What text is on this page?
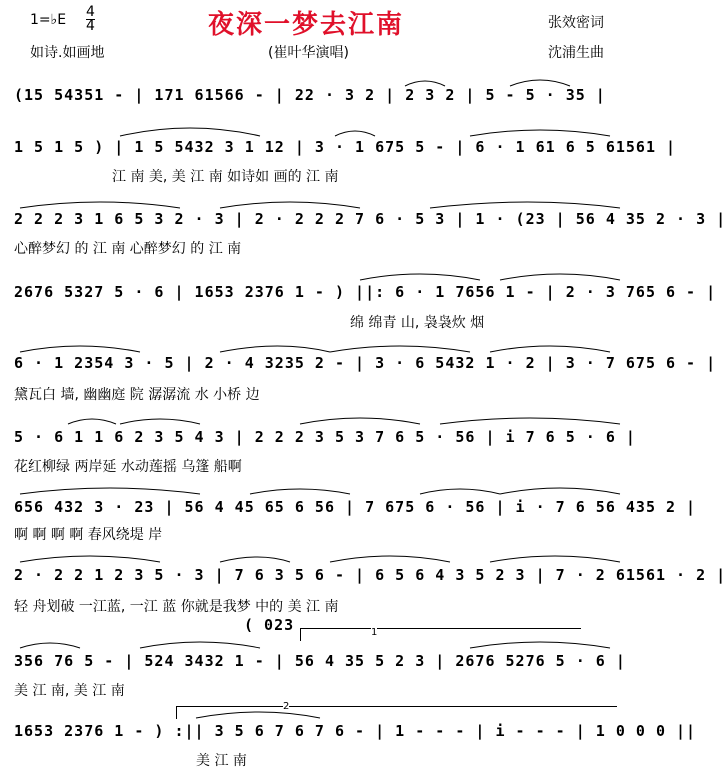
1=♭E 4
4	夜深一梦去江南	张效密词
如诗.如画地	(崔叶华演唱)	沈浦生曲
(15 54351 - | 171 61566 - | 22 · 3 2 | 2 3 2 | 5 - 5 · 35 |
1 5 1 5 ) | 1 5 5432 3 1 12 | 3 · 1 675 5 - | 6 · 1 61 6 5 61561 |
江 南 美, 美 江 南 如诗如 画的 江 南
2 2 2 3 1 6 5 3 2 · 3 | 2 · 2 2 2 7 6 · 5 3 | 1 · (23 | 56 4 35 2 · 3 |
心醉梦幻 的 江 南 心醉梦幻 的 江 南
2676 5327 5 · 6 | 1653 2376 1 - ) ||: 6 · 1 7656 1 - | 2 · 3 765 6 - |
绵 绵青 山, 袅袅炊 烟
6 · 1 2354 3 · 5 | 2 · 4 3235 2 - | 3 · 6 5432 1 · 2 | 3 · 7 675 6 - |
黛瓦白 墙, 幽幽庭 院 潺潺流 水 小桥 边
5 · 6 1 1 6 2 3 5 4 3 | 2 2 2 3 5 3 7 6 5 · 56 | i 7 6 5 · 6 |
花红柳绿 两岸延 水动莲摇 乌篷 船啊
656 432 3 · 23 | 56 4 45 65 6 56 | 7 675 6 · 56 | i · 7 6 56 435 2 |
啊 啊 啊 啊 春风绕堤 岸
2 · 2 2 1 2 3 5 · 3 | 7 6 3 5 6 - | 6 5 6 4 3 5 2 3 | 7 · 2 61561 · 2 |
轻 舟划破 一江蓝, 一江 蓝 你就是我梦 中的 美 江 南
( 023
356 76 5 - | 524 3432 1 - | 56 4 35 5 2 3 | 2676 5276 5 · 6 |
美 江 南, 美 江 南
1653 2376 1 - ) :|| 3 5 6 7 6 7 6 - | 1 - - - | i - - - | 1 0 0 0 ||
美 江 南
1
2
